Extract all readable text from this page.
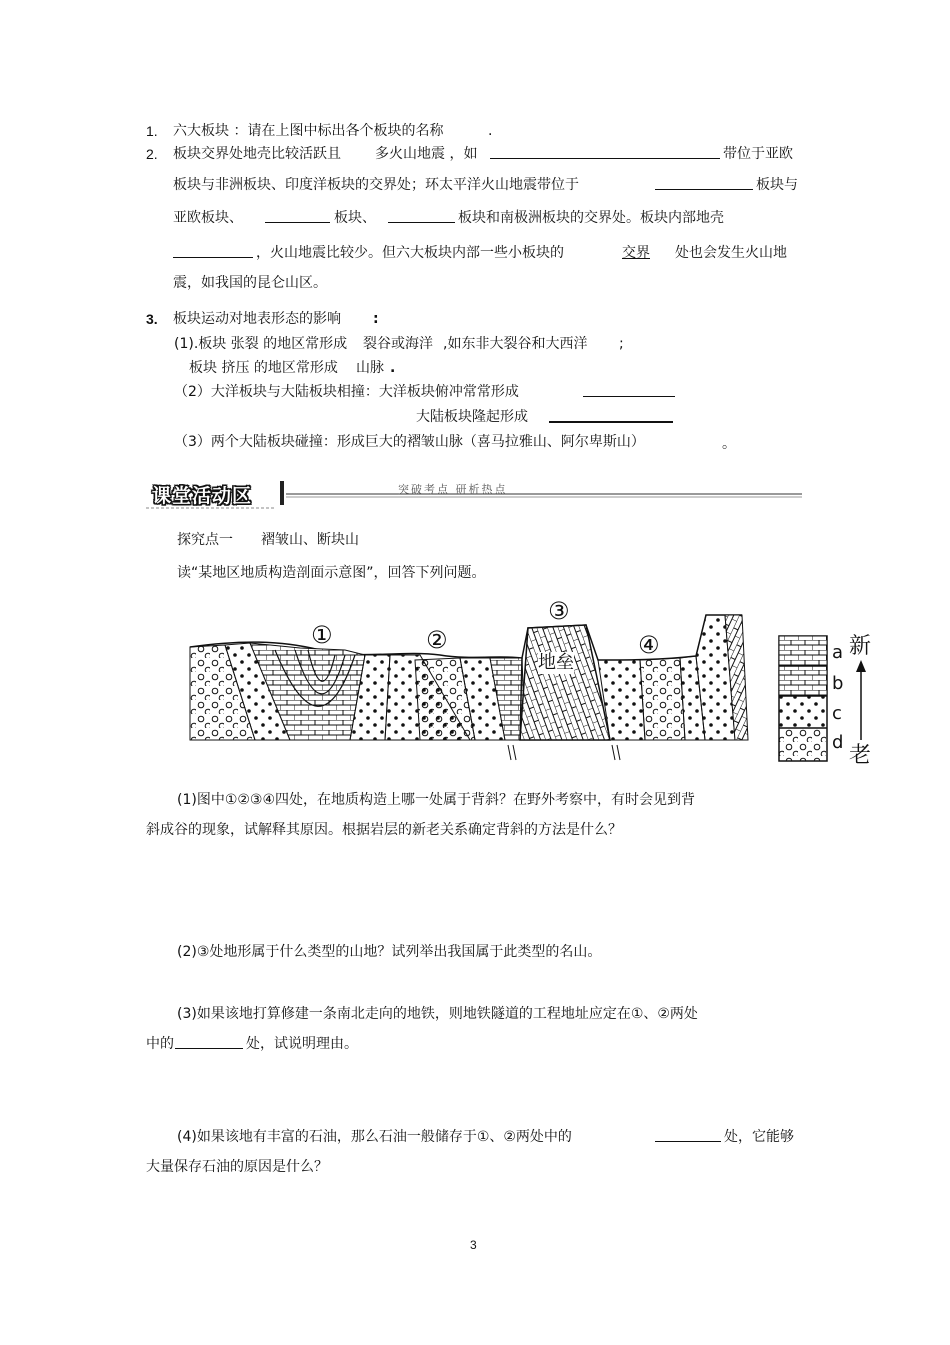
1. 六大板块 ：请在上图中标出各个板块的名称	.
2. 板块交界处地壳比较活跃且 多火山地震 ，如	带位于亚欧
板块与非洲板块、印度洋板块的交界处；环太平洋火山地震带位于	板块与
亚欧板块、	板块、	板块和南极洲板块的交界处。板块内部地壳
，火山地震比较少。但六大板块内部一些小板块的	交界 处也会发生火山地
震，如我国的昆仑山区。
3. 板块运动对地表形态的影响 :
(1).板块 张裂 的地区常形成 裂谷或海洋 ,如东非大裂谷和大西洋 ;
板块 挤压 的地区常形成 山脉 .
（2）大洋板块与大陆板块相撞：大洋板块俯冲常常形成
大陆板块隆起形成
（3）两个大陆板块碰撞：形成巨大的褶皱山脉（喜马拉雅山、阿尔卑斯山）	。
课堂活动区	突破考点 研析热点
探究点一 褶皱山、断块山
读“某地区地质构造剖面示意图”，回答下列问题。
①	②
③
④
地垒	a
b
c
d
新
老
(1)图中①②③④四处，在地质构造上哪一处属于背斜？在野外考察中，有时会见到背
斜成谷的现象，试解释其原因。根据岩层的新老关系确定背斜的方法是什么？
(2)③处地形属于什么类型的山地？试列举出我国属于此类型的名山。
(3)如果该地打算修建一条南北走向的地铁，则地铁隧道的工程地址应定在①、②两处
中的	处，试说明理由。
(4)如果该地有丰富的石油，那么石油一般储存于①、②两处中的	处，它能够
大量保存石油的原因是什么？
3
